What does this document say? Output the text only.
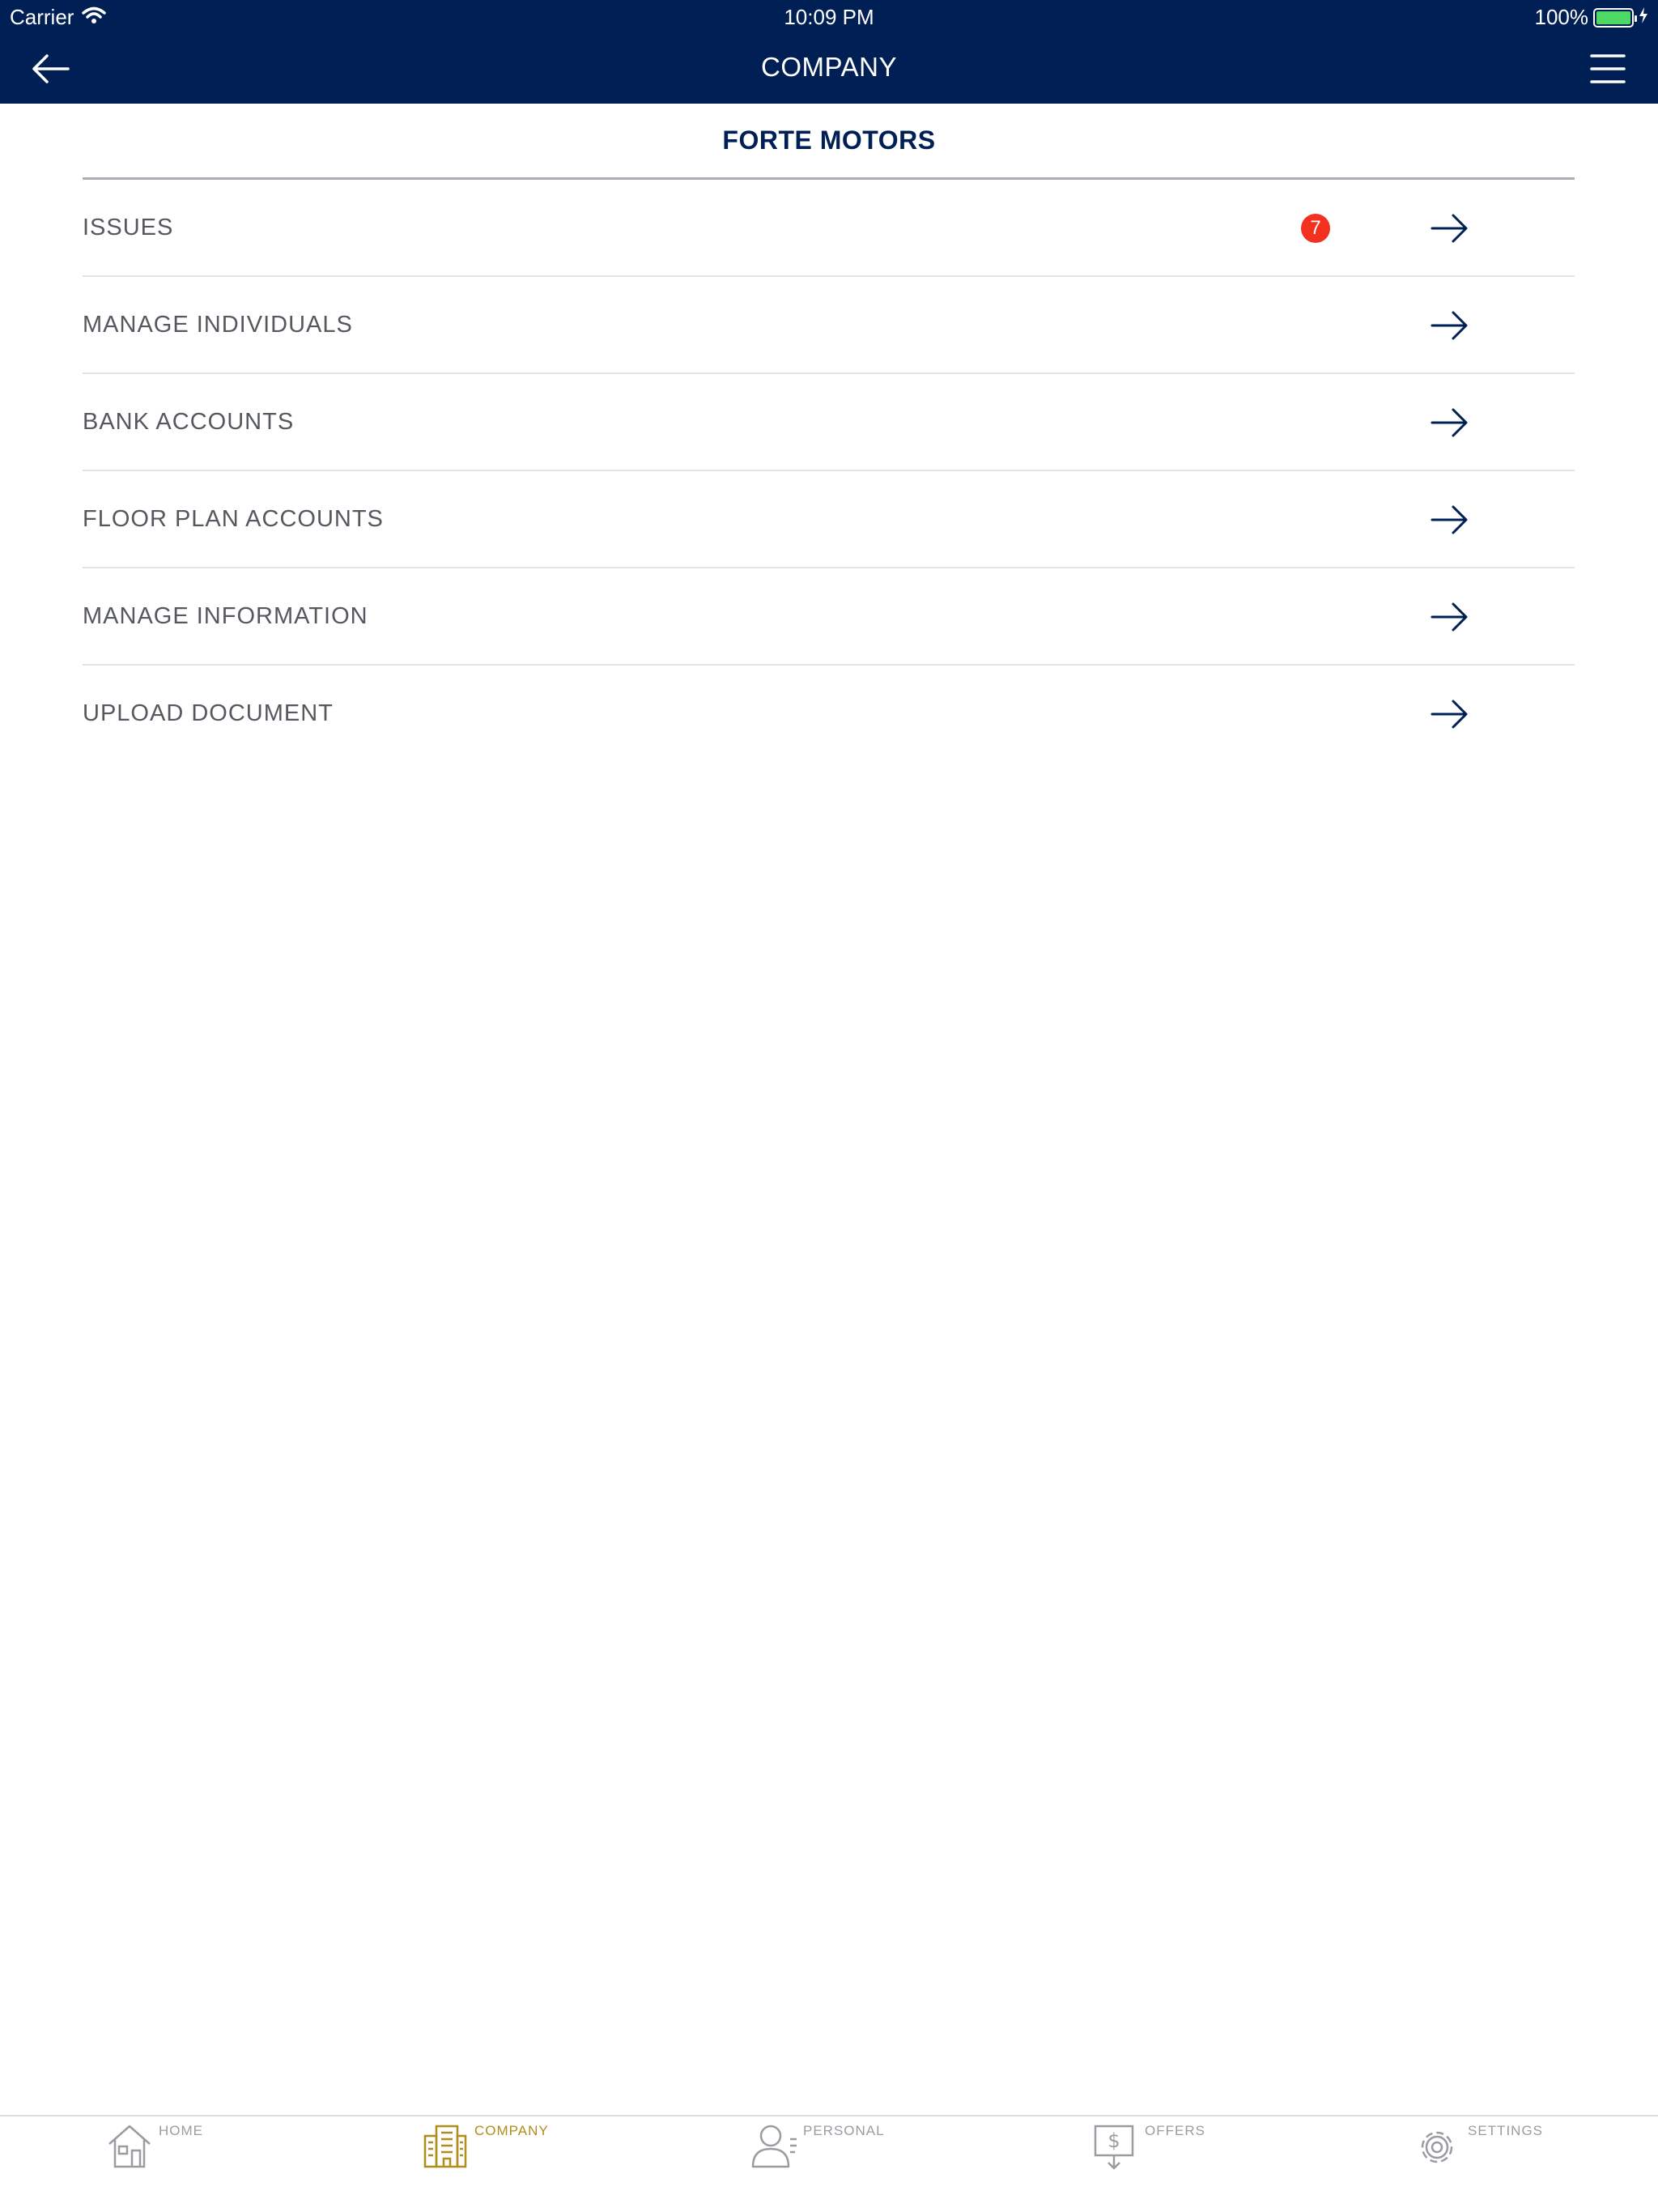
Carrier	10:09 PM	100%
COMPANY
FORTE MOTORS
ISSUES	7
MANAGE INDIVIDUALS
BANK ACCOUNTS
FLOOR PLAN ACCOUNTS
MANAGE INFORMATION
UPLOAD DOCUMENT
HOME	COMPANY	PERSONAL	$ OFFERS	SETTINGS
